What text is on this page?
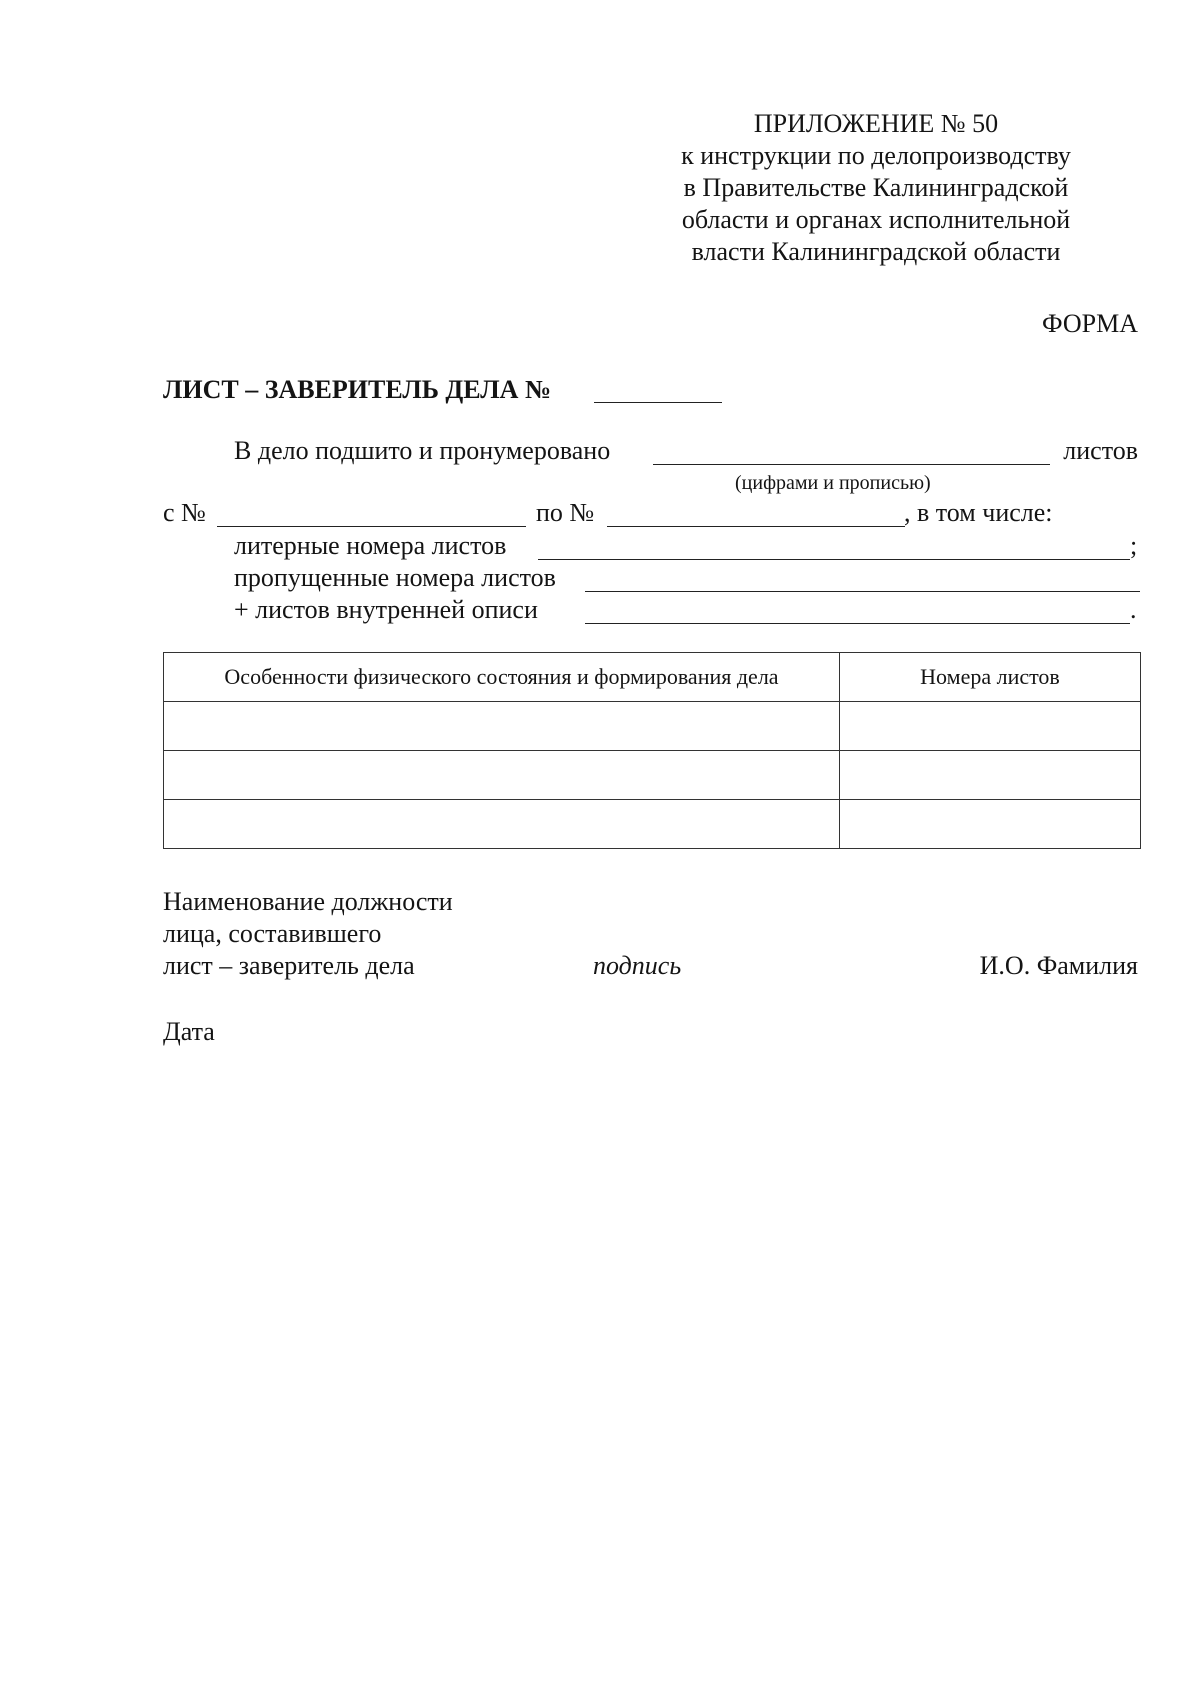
ПРИЛОЖЕНИЕ № 50
к инструкции по делопроизводству
в Правительстве Калининградской
области и органах исполнительной
власти Калининградской области
ФОРМА
ЛИСТ – ЗАВЕРИТЕЛЬ ДЕЛА №
В дело подшито и пронумеровано	листов
(цифрами и прописью)
с №	по №	, в том числе:
литерные номера листов	;
пропущенные номера листов
+ листов внутренней описи	.
Особенности физического состояния и формирования дела	Номера листов

Наименование должности
лица, составившего
лист – заверитель дела	подпись	И.О. Фамилия
Дата
